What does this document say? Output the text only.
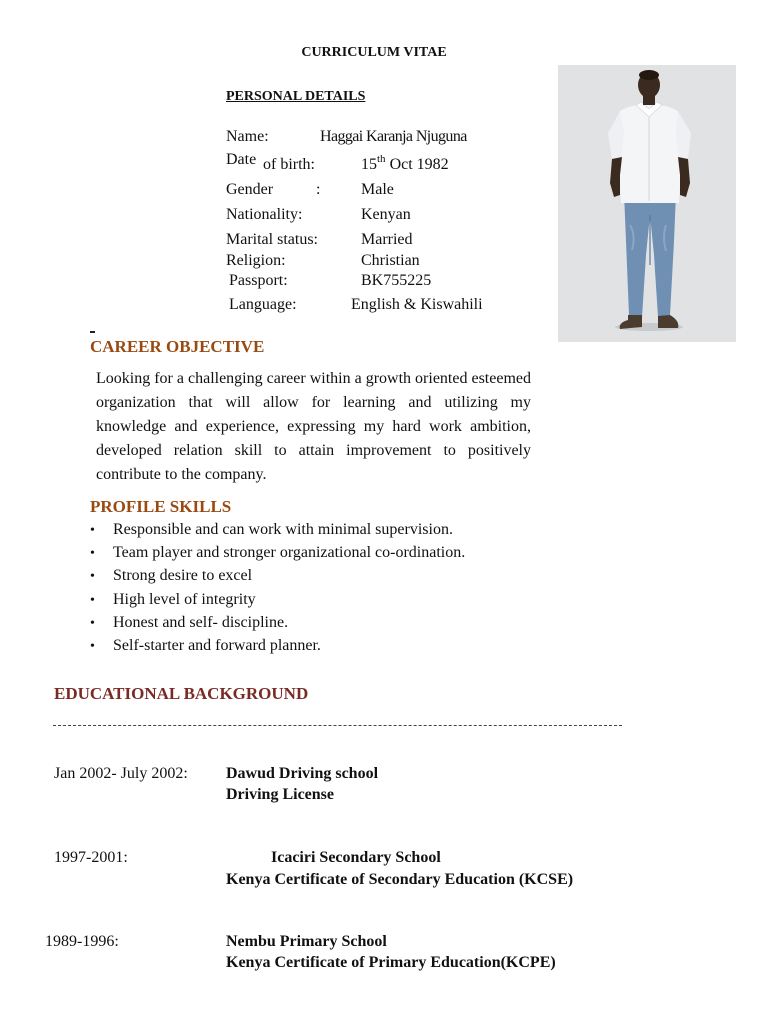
CURRICULUM VITAE
PERSONAL DETAILS
Name:	Haggai Karanja Njuguna
Date of birth:	15th Oct 1982
Gender	:	Male
Nationality:	Kenyan
Marital status:	Married
Religion:	Christian
Passport:	BK755225
Language:	English & Kiswahili
CAREER OBJECTIVE
Looking for a challenging career within a growth oriented esteemed organization that will allow for learning and utilizing my knowledge and experience, expressing my hard work ambition, developed relation skill to attain improvement to positively contribute to the company.
PROFILE SKILLS
• Responsible and can work with minimal supervision.
• Team player and stronger organizational co-ordination.
• Strong desire to excel
• High level of integrity
• Honest and self- discipline.
• Self-starter and forward planner.
EDUCATIONAL BACKGROUND
Jan 2002- July 2002: Dawud Driving school
Driving License
1997-2001:	Icaciri Secondary School
Kenya Certificate of Secondary Education (KCSE)
1989-1996:	Nembu Primary School
Kenya Certificate of Primary Education(KCPE)
